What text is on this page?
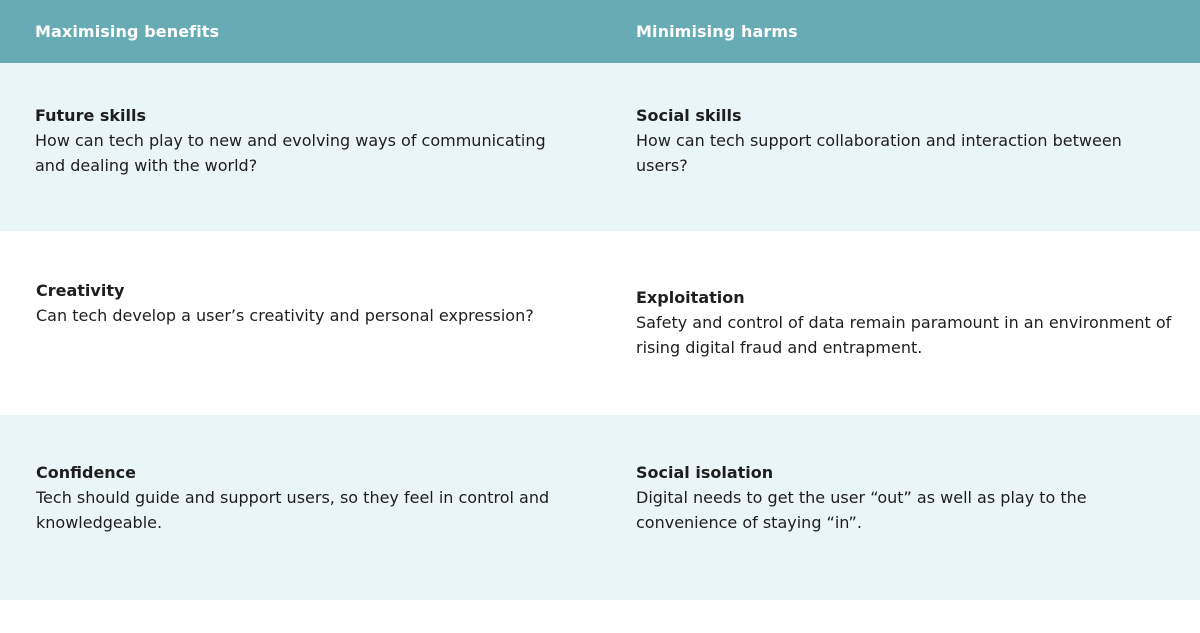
Maximising benefits	Minimising harms
Future skills
How can tech play to new and evolving ways of communicating and dealing with the world?
Social skills
How can tech support collaboration and interaction between users?
Creativity
Can tech develop a user’s creativity and personal expression?
Exploitation
Safety and control of data remain paramount in an environment of rising digital fraud and entrapment.
Confidence
Tech should guide and support users, so they feel in control and knowledgeable.
Social isolation
Digital needs to get the user “out” as well as play to the convenience of staying “in”.
